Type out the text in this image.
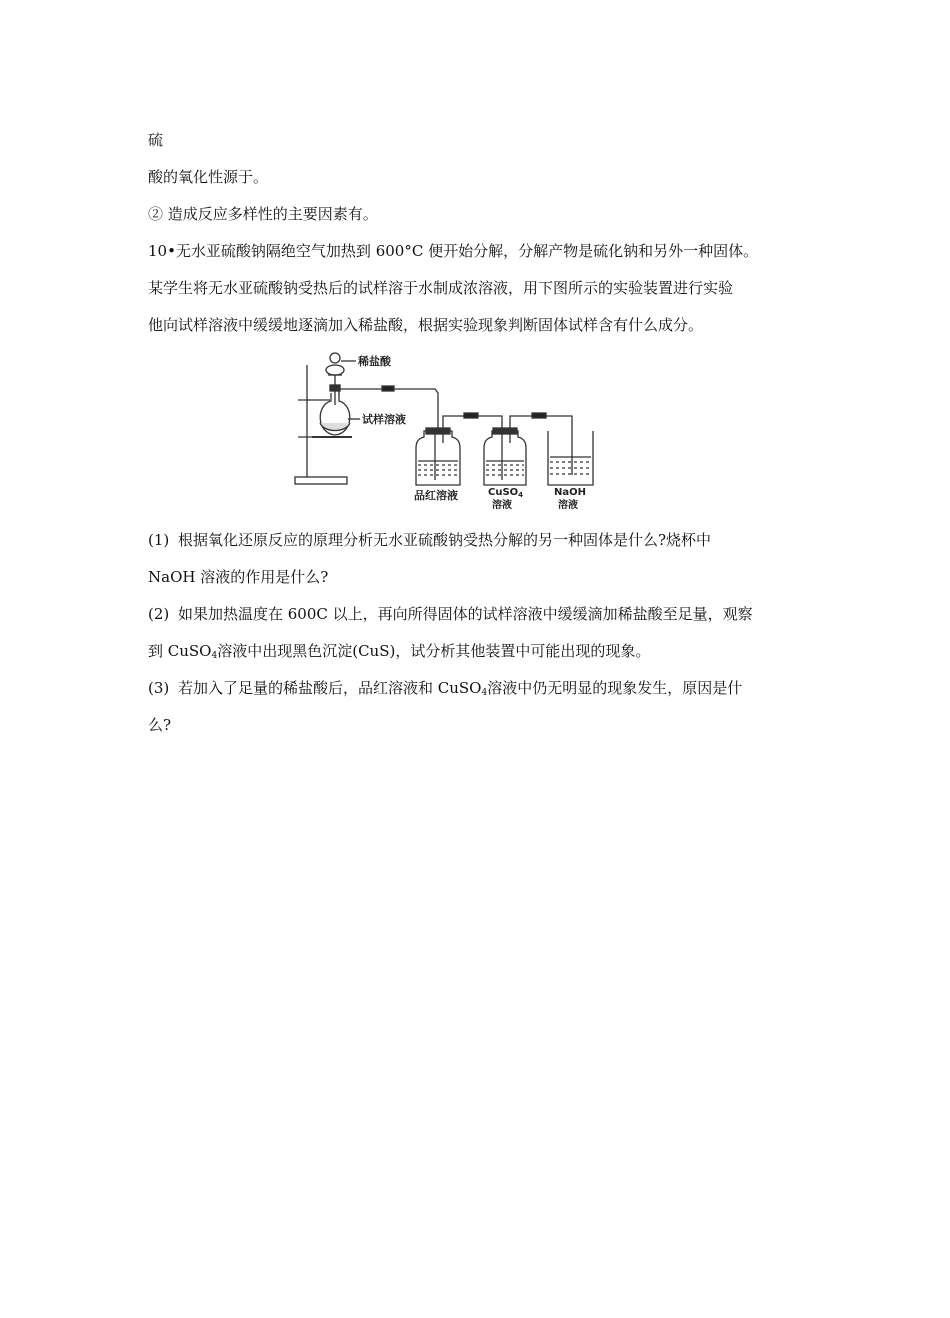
硫
酸的氧化性源于。
② 造成反应多样性的主要因素有。
10•无水亚硫酸钠隔绝空气加热到 600°C 便开始分解，分解产物是硫化钠和另外一种固体。
某学生将无水亚硫酸钠受热后的试样溶于水制成浓溶液，用下图所示的实验装置进行实验
他向试样溶液中缓缓地逐滴加入稀盐酸，根据实验现象判断固体试样含有什么成分。
稀盐酸
试样溶液
品红溶液	CuSO$_4$
溶液
NaOH
溶液
(1) 根据氧化还原反应的原理分析无水亚硫酸钠受热分解的另一种固体是什么?烧杯中
NaOH 溶液的作用是什么?
(2) 如果加热温度在 600C 以上，再向所得固体的试样溶液中缓缓滴加稀盐酸至足量，观察
到 CuSO$_4$溶液中出现黑色沉淀(CuS)，试分析其他装置中可能出现的现象。
(3) 若加入了足量的稀盐酸后，品红溶液和 CuSO$_4$溶液中仍无明显的现象发生，原因是什
么?
